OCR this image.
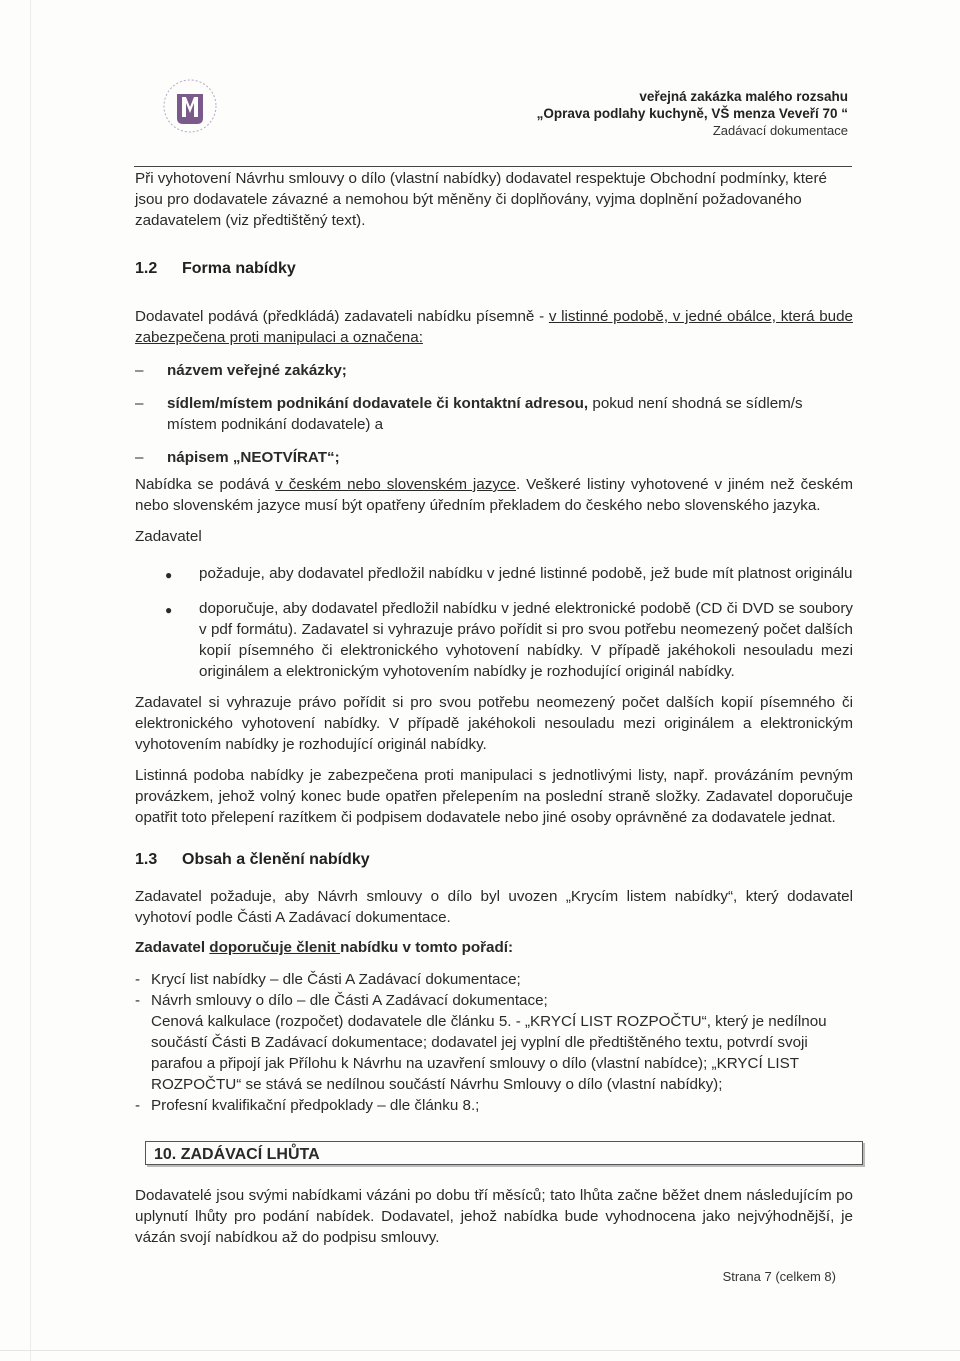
veřejná zakázka malého rozsahu
„Oprava podlahy kuchyně, VŠ menza Veveří 70 “
Zadávací dokumentace

Při vyhotovení Návrhu smlouvy o dílo (vlastní nabídky) dodavatel respektuje Obchodní podmínky, které jsou pro dodavatele závazné a nemohou být měněny či doplňovány, vyjma doplnění požadovaného zadavatelem (viz předtištěný text).

1.2	Forma nabídky

Dodavatel podává (předkládá) zadavateli nabídku písemně - v listinné podobě, v jedné obálce, která bude zabezpečena proti manipulaci a označena:

–	názvem veřejné zakázky;
–	sídlem/místem podnikání dodavatele či kontaktní adresou, pokud není shodná se sídlem/s místem podnikání dodavatele) a
–	nápisem „NEOTVÍRAT“;

Nabídka se podává v českém nebo slovenském jazyce. Veškeré listiny vyhotovené v jiném než českém nebo slovenském jazyce musí být opatřeny úředním překladem do českého nebo slovenského jazyka.

Zadavatel

●	požaduje, aby dodavatel předložil nabídku v jedné listinné podobě, jež bude mít platnost originálu
●	doporučuje, aby dodavatel předložil nabídku v jedné elektronické podobě (CD či DVD se soubory v pdf formátu). Zadavatel si vyhrazuje právo pořídit si pro svou potřebu neomezený počet dalších kopií písemného či elektronického vyhotovení nabídky. V případě jakéhokoli nesouladu mezi originálem a elektronickým vyhotovením nabídky je rozhodující originál nabídky.

Zadavatel si vyhrazuje právo pořídit si pro svou potřebu neomezený počet dalších kopií písemného či elektronického vyhotovení nabídky. V případě jakéhokoli nesouladu mezi originálem a elektronickým vyhotovením nabídky je rozhodující originál nabídky.

Listinná podoba nabídky je zabezpečena proti manipulaci s jednotlivými listy, např. provázáním pevným provázkem, jehož volný konec bude opatřen přelepením na poslední straně složky. Zadavatel doporučuje opatřit toto přelepení razítkem či podpisem dodavatele nebo jiné osoby oprávněné za dodavatele jednat.

1.3	Obsah a členění nabídky

Zadavatel požaduje, aby Návrh smlouvy o dílo byl uvozen „Krycím listem nabídky“, který dodavatel vyhotoví podle Části A Zadávací dokumentace.

Zadavatel doporučuje členit nabídku v tomto pořadí:

- Krycí list nabídky – dle Části A Zadávací dokumentace;
- Návrh smlouvy o dílo – dle Části A Zadávací dokumentace;
Cenová kalkulace (rozpočet) dodavatele dle článku 5. - „KRYCÍ LIST ROZPOČTU“, který je nedílnou součástí Části B Zadávací dokumentace; dodavatel jej vyplní dle předtištěného textu, potvrdí svoji parafou a připojí jak Přílohu k Návrhu na uzavření smlouvy o dílo (vlastní nabídce); „KRYCÍ LIST ROZPOČTU“ se stává se nedílnou součástí Návrhu Smlouvy o dílo (vlastní nabídky);
- Profesní kvalifikační předpoklady – dle článku 8.;
10. ZADÁVACÍ LHŮTA

Dodavatelé jsou svými nabídkami vázáni po dobu tří měsíců; tato lhůta začne běžet dnem následujícím po uplynutí lhůty pro podání nabídek. Dodavatel, jehož nabídka bude vyhodnocena jako nejvýhodnější, je vázán svojí nabídkou až do podpisu smlouvy.

Strana 7 (celkem 8)
